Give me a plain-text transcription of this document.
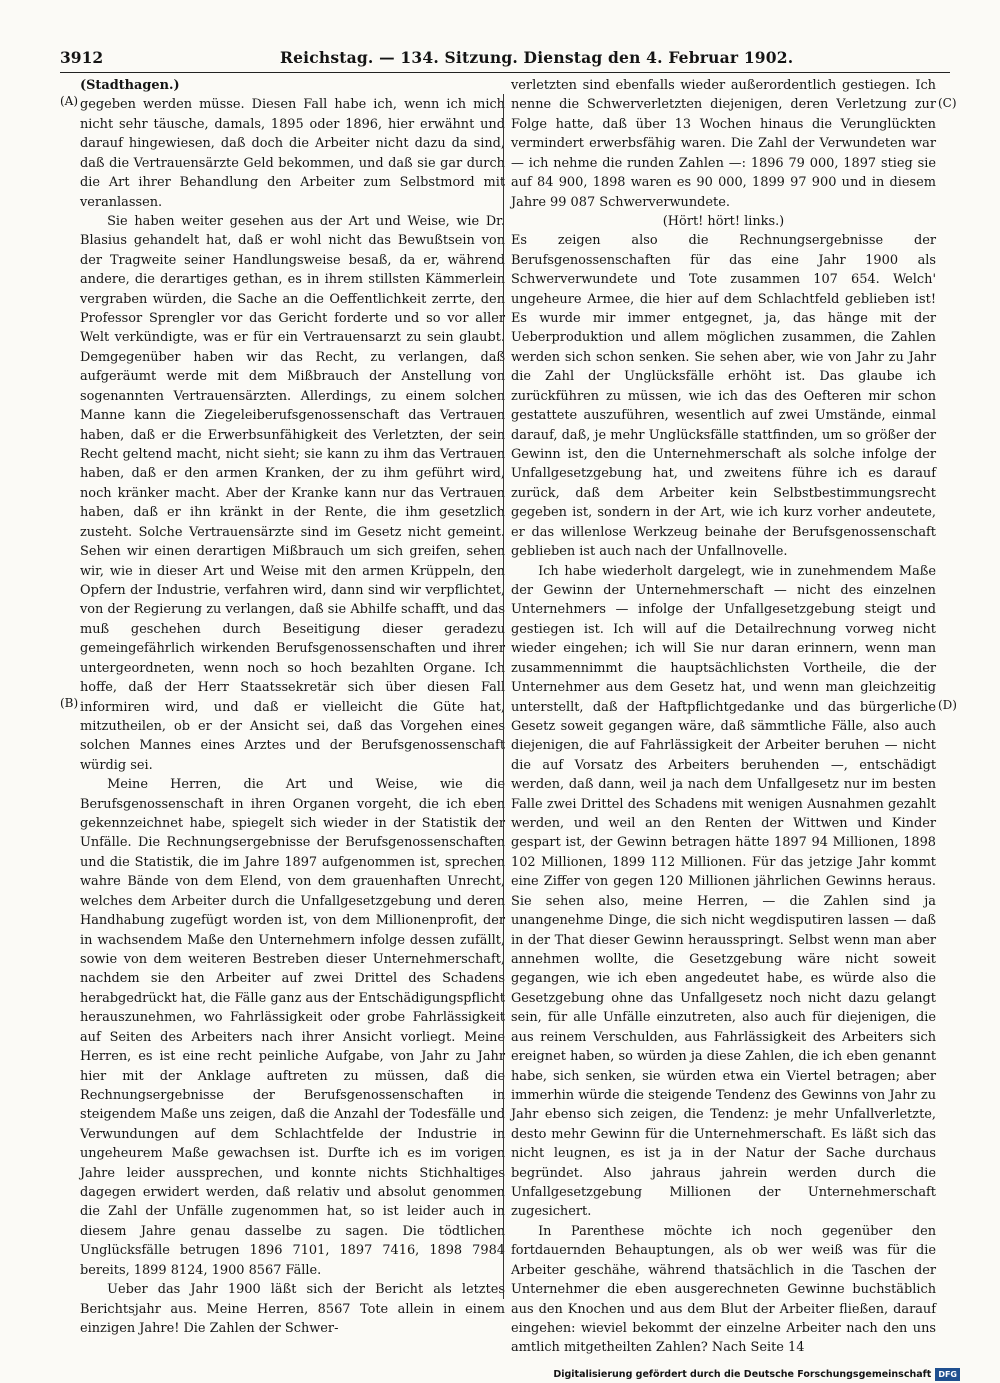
3912	Reichstag. — 134. Sitzung. Dienstag den 4. Februar 1902.
(A)
(B)
(C)
(D)

(Stadthagen.)

gegeben werden müsse. Diesen Fall habe ich, wenn ich mich nicht sehr täusche, damals, 1895 oder 1896, hier erwähnt und darauf hingewiesen, daß doch die Arbeiter nicht dazu da sind, daß die Vertrauensärzte Geld bekommen, und daß sie gar durch die Art ihrer Behandlung den Arbeiter zum Selbstmord mit veranlassen.

Sie haben weiter gesehen aus der Art und Weise, wie Dr. Blasius gehandelt hat, daß er wohl nicht das Bewußtsein von der Tragweite seiner Handlungsweise besaß, da er, während andere, die derartiges gethan, es in ihrem stillsten Kämmerlein vergraben würden, die Sache an die Oeffentlichkeit zerrte, den Professor Sprengler vor das Gericht forderte und so vor aller Welt verkündigte, was er für ein Vertrauensarzt zu sein glaubt. Demgegenüber haben wir das Recht, zu verlangen, daß aufgeräumt werde mit dem Mißbrauch der Anstellung von sogenannten Vertrauensärzten. Allerdings, zu einem solchen Manne kann die Ziegeleiberufsgenossenschaft das Vertrauen haben, daß er die Erwerbsunfähigkeit des Verletzten, der sein Recht geltend macht, nicht sieht; sie kann zu ihm das Vertrauen haben, daß er den armen Kranken, der zu ihm geführt wird, noch kränker macht. Aber der Kranke kann nur das Vertrauen haben, daß er ihn kränkt in der Rente, die ihm gesetzlich zusteht. Solche Vertrauensärzte sind im Gesetz nicht gemeint. Sehen wir einen derartigen Mißbrauch um sich greifen, sehen wir, wie in dieser Art und Weise mit den armen Krüppeln, den Opfern der Industrie, verfahren wird, dann sind wir verpflichtet, von der Regierung zu verlangen, daß sie Abhilfe schafft, und das muß geschehen durch Beseitigung dieser geradezu gemeingefährlich wirkenden Berufsgenossenschaften und ihrer untergeordneten, wenn noch so hoch bezahlten Organe. Ich hoffe, daß der Herr Staatssekretär sich über diesen Fall informiren wird, und daß er vielleicht die Güte hat, mitzutheilen, ob er der Ansicht sei, daß das Vorgehen eines solchen Mannes eines Arztes und der Berufsgenossenschaft würdig sei.

Meine Herren, die Art und Weise, wie die Berufsgenossenschaft in ihren Organen vorgeht, die ich eben gekennzeichnet habe, spiegelt sich wieder in der Statistik der Unfälle. Die Rechnungsergebnisse der Berufsgenossenschaften und die Statistik, die im Jahre 1897 aufgenommen ist, sprechen wahre Bände von dem Elend, von dem grauenhaften Unrecht, welches dem Arbeiter durch die Unfallgesetzgebung und deren Handhabung zugefügt worden ist, von dem Millionenprofit, der in wachsendem Maße den Unternehmern infolge dessen zufällt, sowie von dem weiteren Bestreben dieser Unternehmerschaft, nachdem sie den Arbeiter auf zwei Drittel des Schadens herabgedrückt hat, die Fälle ganz aus der Entschädigungspflicht herauszunehmen, wo Fahrlässigkeit oder grobe Fahrlässigkeit auf Seiten des Arbeiters nach ihrer Ansicht vorliegt. Meine Herren, es ist eine recht peinliche Aufgabe, von Jahr zu Jahr hier mit der Anklage auftreten zu müssen, daß die Rechnungsergebnisse der Berufsgenossenschaften in steigendem Maße uns zeigen, daß die Anzahl der Todesfälle und Verwundungen auf dem Schlachtfelde der Industrie in ungeheurem Maße gewachsen ist. Durfte ich es im vorigen Jahre leider aussprechen, und konnte nichts Stichhaltiges dagegen erwidert werden, daß relativ und absolut genommen die Zahl der Unfälle zugenommen hat, so ist leider auch in diesem Jahre genau dasselbe zu sagen. Die tödtlichen Unglücksfälle betrugen 1896 7101, 1897 7416, 1898 7984 bereits, 1899 8124, 1900 8567 Fälle.

Ueber das Jahr 1900 läßt sich der Bericht als letztes Berichtsjahr aus. Meine Herren, 8567 Tote allein in einem einzigen Jahre! Die Zahlen der Schwer-

verletzten sind ebenfalls wieder außerordentlich gestiegen. Ich nenne die Schwerverletzten diejenigen, deren Verletzung zur Folge hatte, daß über 13 Wochen hinaus die Verunglückten vermindert erwerbsfähig waren. Die Zahl der Verwundeten war — ich nehme die runden Zahlen —: 1896 79 000, 1897 stieg sie auf 84 900, 1898 waren es 90 000, 1899 97 900 und in diesem Jahre 99 087 Schwerverwundete.

(Hört! hört! links.)

Es zeigen also die Rechnungsergebnisse der Berufsgenossenschaften für das eine Jahr 1900 als Schwerverwundete und Tote zusammen 107 654. Welch' ungeheure Armee, die hier auf dem Schlachtfeld geblieben ist! Es wurde mir immer entgegnet, ja, das hänge mit der Ueberproduktion und allem möglichen zusammen, die Zahlen werden sich schon senken. Sie sehen aber, wie von Jahr zu Jahr die Zahl der Unglücksfälle erhöht ist. Das glaube ich zurückführen zu müssen, wie ich das des Oefteren mir schon gestattete auszuführen, wesentlich auf zwei Umstände, einmal darauf, daß, je mehr Unglücksfälle stattfinden, um so größer der Gewinn ist, den die Unternehmerschaft als solche infolge der Unfallgesetzgebung hat, und zweitens führe ich es darauf zurück, daß dem Arbeiter kein Selbstbestimmungsrecht gegeben ist, sondern in der Art, wie ich kurz vorher andeutete, er das willenlose Werkzeug beinahe der Berufsgenossenschaft geblieben ist auch nach der Unfallnovelle.

Ich habe wiederholt dargelegt, wie in zunehmendem Maße der Gewinn der Unternehmerschaft — nicht des einzelnen Unternehmers — infolge der Unfallgesetzgebung steigt und gestiegen ist. Ich will auf die Detailrechnung vorweg nicht wieder eingehen; ich will Sie nur daran erinnern, wenn man zusammennimmt die hauptsächlichsten Vortheile, die der Unternehmer aus dem Gesetz hat, und wenn man gleichzeitig unterstellt, daß der Haftpflichtgedanke und das bürgerliche Gesetz soweit gegangen wäre, daß sämmtliche Fälle, also auch diejenigen, die auf Fahrlässigkeit der Arbeiter beruhen — nicht die auf Vorsatz des Arbeiters beruhenden —, entschädigt werden, daß dann, weil ja nach dem Unfallgesetz nur im besten Falle zwei Drittel des Schadens mit wenigen Ausnahmen gezahlt werden, und weil an den Renten der Wittwen und Kinder gespart ist, der Gewinn betragen hätte 1897 94 Millionen, 1898 102 Millionen, 1899 112 Millionen. Für das jetzige Jahr kommt eine Ziffer von gegen 120 Millionen jährlichen Gewinns heraus. Sie sehen also, meine Herren, — die Zahlen sind ja unangenehme Dinge, die sich nicht wegdisputiren lassen — daß in der That dieser Gewinn herausspringt. Selbst wenn man aber annehmen wollte, die Gesetzgebung wäre nicht soweit gegangen, wie ich eben angedeutet habe, es würde also die Gesetzgebung ohne das Unfallgesetz noch nicht dazu gelangt sein, für alle Unfälle einzutreten, also auch für diejenigen, die aus reinem Verschulden, aus Fahrlässigkeit des Arbeiters sich ereignet haben, so würden ja diese Zahlen, die ich eben genannt habe, sich senken, sie würden etwa ein Viertel betragen; aber immerhin würde die steigende Tendenz des Gewinns von Jahr zu Jahr ebenso sich zeigen, die Tendenz: je mehr Unfallverletzte, desto mehr Gewinn für die Unternehmerschaft. Es läßt sich das nicht leugnen, es ist ja in der Natur der Sache durchaus begründet. Also jahraus jahrein werden durch die Unfallgesetzgebung Millionen der Unternehmerschaft zugesichert.

In Parenthese möchte ich noch gegenüber den fortdauernden Behauptungen, als ob wer weiß was für die Arbeiter geschähe, während thatsächlich in die Taschen der Unternehmer die eben ausgerechneten Gewinne buchstäblich aus den Knochen und aus dem Blut der Arbeiter fließen, darauf eingehen: wieviel bekommt der einzelne Arbeiter nach den uns amtlich mitgetheilten Zahlen? Nach Seite 14

Digitalisierung gefördert durch die Deutsche Forschungsgemeinschaft DFG
